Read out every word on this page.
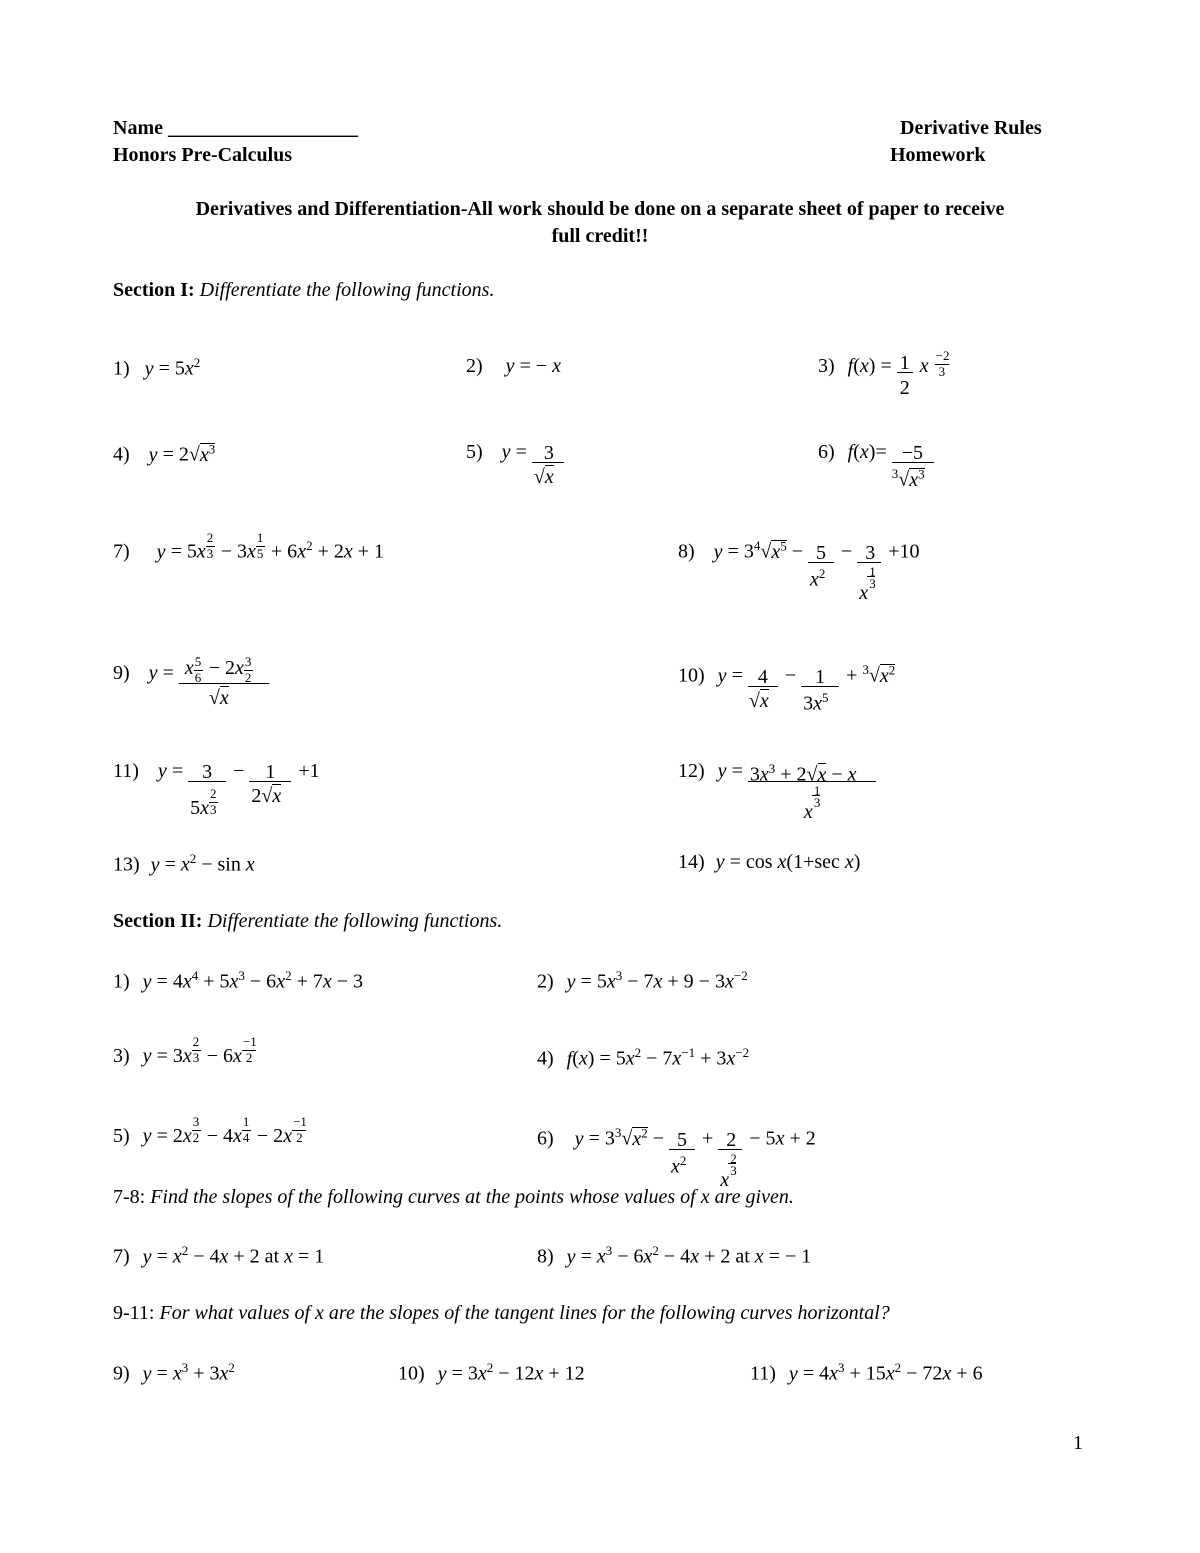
Name ___________________
Honors Pre-Calculus
Derivative Rules
Homework
Derivatives and Differentiation-All work should be done on a separate sheet of paper to receive
full credit!!
Section I: Differentiate the following functions.
1) $y = 5x^2$	2) y = − x	3) f(x) =
$\frac{1}{2}$
x
$\frac{-2}{3}$
4) $y = 2√x^3$	5) y =
$\frac{3}{√x}$
6) f(x)=
$\frac{-5}{^3√x^3}$
7) y = 5x
$\frac{2}{3}$
− 3x
$\frac{1}{5}$
+ $6x^2 + 2x + 1$	8) $y = 3^4√x^5$ −
$\frac{5}{x^2}$
− 3
1
3
x
+10
9) y =
x
$\frac{5}{6}$
− 2x
$\frac{3}{2}$
√x
10) y =
$\frac{4}{√x}$
−
$\frac{1}{3x^5}$
+ $^3√x^2$
11) y =
3
5x
$\frac{2}{3}$
−
$\frac{1}{2√x}$
+1	12) $y = 3x^3 + 2√x - x$
1
3
x
13) $y = x^2 - \sin x$	14) y = cos x(1+sec x)
Section II: Differentiate the following functions.
1) $y = 4x^4 + 5x^3 - 6x^2 + 7x - 3$	2) $y = 5x^3 - 7x + 9 - 3x^{-2}$
3) y = 3x
$\frac{2}{3}$
− 6x
$\frac{-1}{2}$
4) $f(x) = 5x^2 - 7x^{-1} + 3x^{-2}$
5) y = 2x
$\frac{3}{2}$
− 4x
$\frac{1}{4}$
− 2x
$\frac{-1}{2}$
6) $y = 3^3√x^2$ −
$\frac{5}{x^2}$
+ 2
2
3
x
− 5x + 2
7-8: Find the slopes of the following curves at the points whose values of x are given.
7) $y = x^2 - 4x + 2$ at x = 1	8) $y = x^3 - 6x^2 - 4x + 2$ at x = − 1
9-11: For what values of x are the slopes of the tangent lines for the following curves horizontal?
9) $y = x^3 + 3x^2$	10) $y = 3x^2 - 12x + 12$	11) $y = 4x^3 + 15x^2 - 72x + 6$
1
